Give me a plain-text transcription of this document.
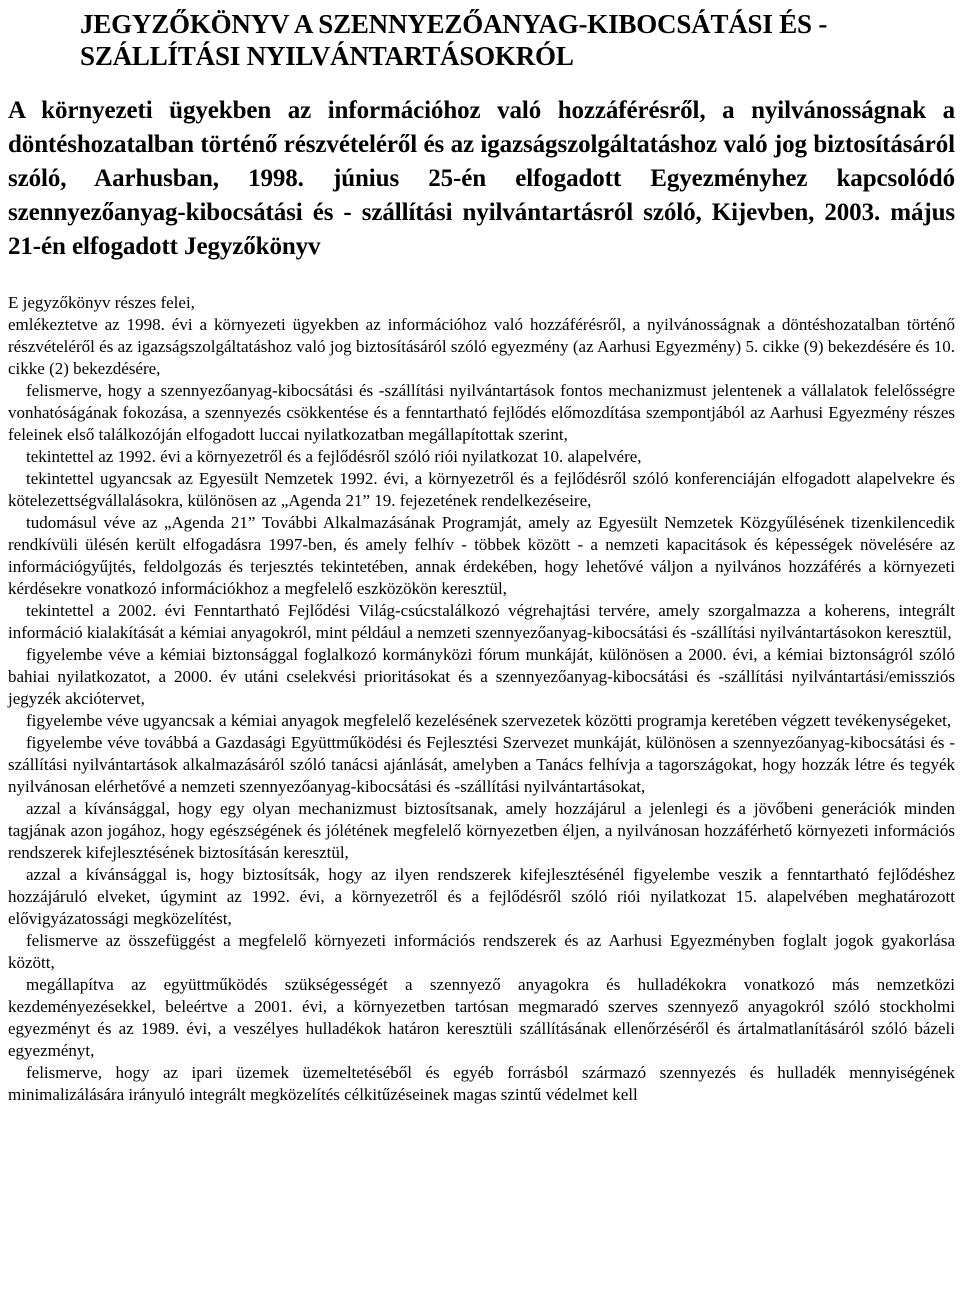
JEGYZŐKÖNYV A SZENNYEZŐANYAG-KIBOCSÁTÁSI ÉS - SZÁLLÍTÁSI NYILVÁNTARTÁSOKRÓL
A környezeti ügyekben az információhoz való hozzáférésről, a nyilvánosságnak a döntéshozatalban történő részvételéről és az igazságszolgáltatáshoz való jog biztosításáról szóló, Aarhusban, 1998. június 25-én elfogadott Egyezményhez kapcsolódó szennyezőanyag-kibocsátási és - szállítási nyilvántartásról szóló, Kijevben, 2003. május 21-én elfogadott Jegyzőkönyv
E jegyzőkönyv részes felei,

emlékeztetve az 1998. évi a környezeti ügyekben az információhoz való hozzáférésről, a nyilvánosságnak a döntéshozatalban történő részvételéről és az igazságszolgáltatáshoz való jog biztosításáról szóló egyezmény (az Aarhusi Egyezmény) 5. cikke (9) bekezdésére és 10. cikke (2) bekezdésére,

felismerve, hogy a szennyezőanyag-kibocsátási és -szállítási nyilvántartások fontos mechanizmust jelentenek a vállalatok felelősségre vonhatóságának fokozása, a szennyezés csökkentése és a fenntartható fejlődés előmozdítása szempontjából az Aarhusi Egyezmény részes feleinek első találkozóján elfogadott luccai nyilatkozatban megállapítottak szerint,

tekintettel az 1992. évi a környezetről és a fejlődésről szóló riói nyilatkozat 10. alapelvére,

tekintettel ugyancsak az Egyesült Nemzetek 1992. évi, a környezetről és a fejlődésről szóló konferenciáján elfogadott alapelvekre és kötelezettségvállalásokra, különösen az „Agenda 21” 19. fejezetének rendelkezéseire,

tudomásul véve az „Agenda 21” További Alkalmazásának Programját, amely az Egyesült Nemzetek Közgyűlésének tizenkilencedik rendkívüli ülésén került elfogadásra 1997-ben, és amely felhív - többek között - a nemzeti kapacitások és képességek növelésére az információgyűjtés, feldolgozás és terjesztés tekintetében, annak érdekében, hogy lehetővé váljon a nyilvános hozzáférés a környezeti kérdésekre vonatkozó információkhoz a megfelelő eszközökön keresztül,

tekintettel a 2002. évi Fenntartható Fejlődési Világ-csúcstalálkozó végrehajtási tervére, amely szorgalmazza a koherens, integrált információ kialakítását a kémiai anyagokról, mint például a nemzeti szennyezőanyag-kibocsátási és -szállítási nyilvántartásokon keresztül,

figyelembe véve a kémiai biztonsággal foglalkozó kormányközi fórum munkáját, különösen a 2000. évi, a kémiai biztonságról szóló bahiai nyilatkozatot, a 2000. év utáni cselekvési prioritásokat és a szennyezőanyag-kibocsátási és -szállítási nyilvántartási/emissziós jegyzék akciótervet,

figyelembe véve ugyancsak a kémiai anyagok megfelelő kezelésének szervezetek közötti programja keretében végzett tevékenységeket,

figyelembe véve továbbá a Gazdasági Együttműködési és Fejlesztési Szervezet munkáját, különösen a szennyezőanyag-kibocsátási és -szállítási nyilvántartások alkalmazásáról szóló tanácsi ajánlását, amelyben a Tanács felhívja a tagországokat, hogy hozzák létre és tegyék nyilvánosan elérhetővé a nemzeti szennyezőanyag-kibocsátási és -szállítási nyilvántartásokat,

azzal a kívánsággal, hogy egy olyan mechanizmust biztosítsanak, amely hozzájárul a jelenlegi és a jövőbeni generációk minden tagjának azon jogához, hogy egészségének és jólétének megfelelő környezetben éljen, a nyilvánosan hozzáférhető környezeti információs rendszerek kifejlesztésének biztosításán keresztül,

azzal a kívánsággal is, hogy biztosítsák, hogy az ilyen rendszerek kifejlesztésénél figyelembe veszik a fenntartható fejlődéshez hozzájáruló elveket, úgymint az 1992. évi, a környezetről és a fejlődésről szóló riói nyilatkozat 15. alapelvében meghatározott elővigyázatossági megközelítést,

felismerve az összefüggést a megfelelő környezeti információs rendszerek és az Aarhusi Egyezményben foglalt jogok gyakorlása között,

megállapítva az együttműködés szükségességét a szennyező anyagokra és hulladékokra vonatkozó más nemzetközi kezdeményezésekkel, beleértve a 2001. évi, a környezetben tartósan megmaradó szerves szennyező anyagokról szóló stockholmi egyezményt és az 1989. évi, a veszélyes hulladékok határon keresztüli szállításának ellenőrzéséről és ártalmatlanításáról szóló bázeli egyezményt,

felismerve, hogy az ipari üzemek üzemeltetéséből és egyéb forrásból származó szennyezés és hulladék mennyiségének minimalizálására irányuló integrált megközelítés célkitűzéseinek magas szintű védelmet kell
